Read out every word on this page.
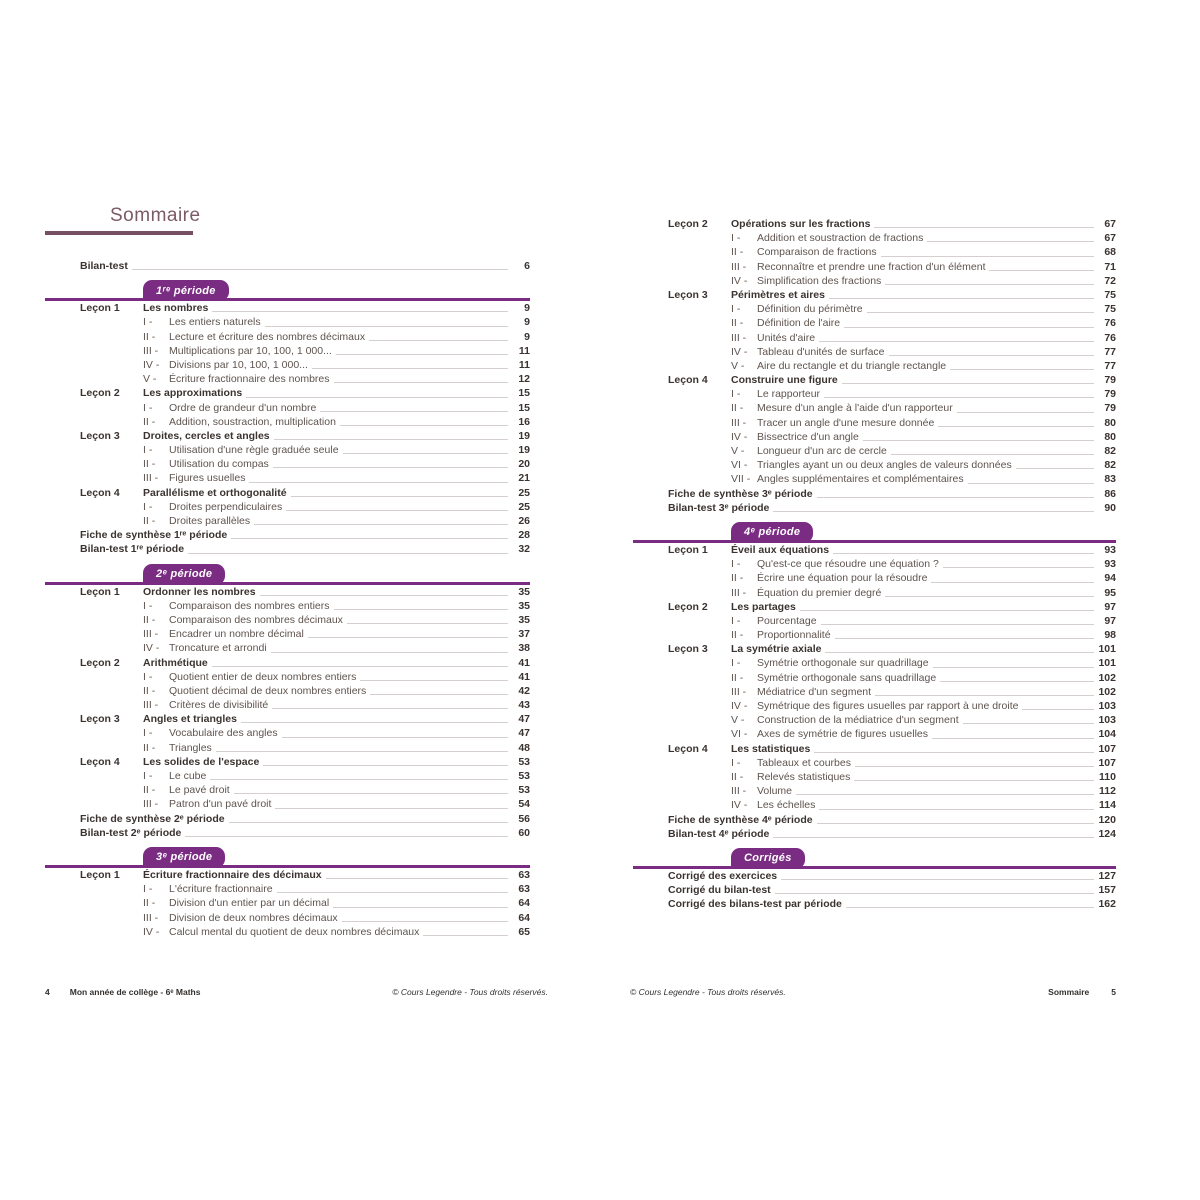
Sommaire
Bilan-test	6
1ʳᵉ période
Leçon 1	Les nombres	9
I -	Les entiers naturels	9
II -	Lecture et écriture des nombres décimaux	9
III -	Multiplications par 10, 100, 1 000...	11
IV - Divisions par 10, 100, 1 000...	11
V -	Écriture fractionnaire des nombres	12
Leçon 2	Les approximations	15
I -	Ordre de grandeur d'un nombre	15
II -	Addition, soustraction, multiplication	16
Leçon 3	Droites, cercles et angles	19
I -	Utilisation d'une règle graduée seule	19
II -	Utilisation du compas	20
III -	Figures usuelles	21
Leçon 4	Parallélisme et orthogonalité	25
I -	Droites perpendiculaires	25
II -	Droites parallèles	26
Fiche de synthèse 1ʳᵉ période	28
Bilan-test 1ʳᵉ période	32
2ᵉ période
Leçon 1	Ordonner les nombres	35
I -	Comparaison des nombres entiers	35
II -	Comparaison des nombres décimaux	35
III -	Encadrer un nombre décimal	37
IV - Troncature et arrondi	38
Leçon 2	Arithmétique	41
I -	Quotient entier de deux nombres entiers	41
II -	Quotient décimal de deux nombres entiers	42
III -	Critères de divisibilité	43
Leçon 3	Angles et triangles	47
I -	Vocabulaire des angles	47
II -	Triangles	48
Leçon 4	Les solides de l'espace	53
I -	Le cube	53
II -	Le pavé droit	53
III -	Patron d'un pavé droit	54
Fiche de synthèse 2ᵉ période	56
Bilan-test 2ᵉ période	60
3ᵉ période
Leçon 1	Écriture fractionnaire des décimaux	63
I -	L'écriture fractionnaire	63
II -	Division d'un entier par un décimal	64
III -	Division de deux nombres décimaux	64
IV - Calcul mental du quotient de deux nombres décimaux	65
Leçon 2	Opérations sur les fractions	67
I -	Addition et soustraction de fractions	67
II -	Comparaison de fractions	68
III -	Reconnaître et prendre une fraction d'un élément	71
IV - Simplification des fractions	72
Leçon 3	Périmètres et aires	75
I -	Définition du périmètre	75
II -	Définition de l'aire	76
III -	Unités d'aire	76
IV - Tableau d'unités de surface	77
V -	Aire du rectangle et du triangle rectangle	77
Leçon 4	Construire une figure	79
I -	Le rapporteur	79
II -	Mesure d'un angle à l'aide d'un rapporteur	79
III -	Tracer un angle d'une mesure donnée	80
IV - Bissectrice d'un angle	80
V -	Longueur d'un arc de cercle	82
VI - Triangles ayant un ou deux angles de valeurs données	82
VII - Angles supplémentaires et complémentaires	83
Fiche de synthèse 3ᵉ période	86
Bilan-test 3ᵉ période	90
4ᵉ période
Leçon 1	Éveil aux équations	93
I -	Qu'est-ce que résoudre une équation ?	93
II -	Écrire une équation pour la résoudre	94
III -	Équation du premier degré	95
Leçon 2	Les partages	97
I -	Pourcentage	97
II -	Proportionnalité	98
Leçon 3	La symétrie axiale	101
I -	Symétrie orthogonale sur quadrillage	101
II -	Symétrie orthogonale sans quadrillage	102
III -	Médiatrice d'un segment	102
IV - Symétrique des figures usuelles par rapport à une droite	103
V -	Construction de la médiatrice d'un segment	103
VI - Axes de symétrie de figures usuelles	104
Leçon 4	Les statistiques	107
I -	Tableaux et courbes	107
II -	Relevés statistiques	110
III -	Volume	112
IV - Les échelles	114
Fiche de synthèse 4ᵉ période	120
Bilan-test 4ᵉ période	124
Corrigés
Corrigé des exercices	127
Corrigé du bilan-test	157
Corrigé des bilans-test par période	162
4 Mon année de collège - 6ᵉ Maths	© Cours Legendre - Tous droits réservés.	© Cours Legendre - Tous droits réservés.	Sommaire	5
